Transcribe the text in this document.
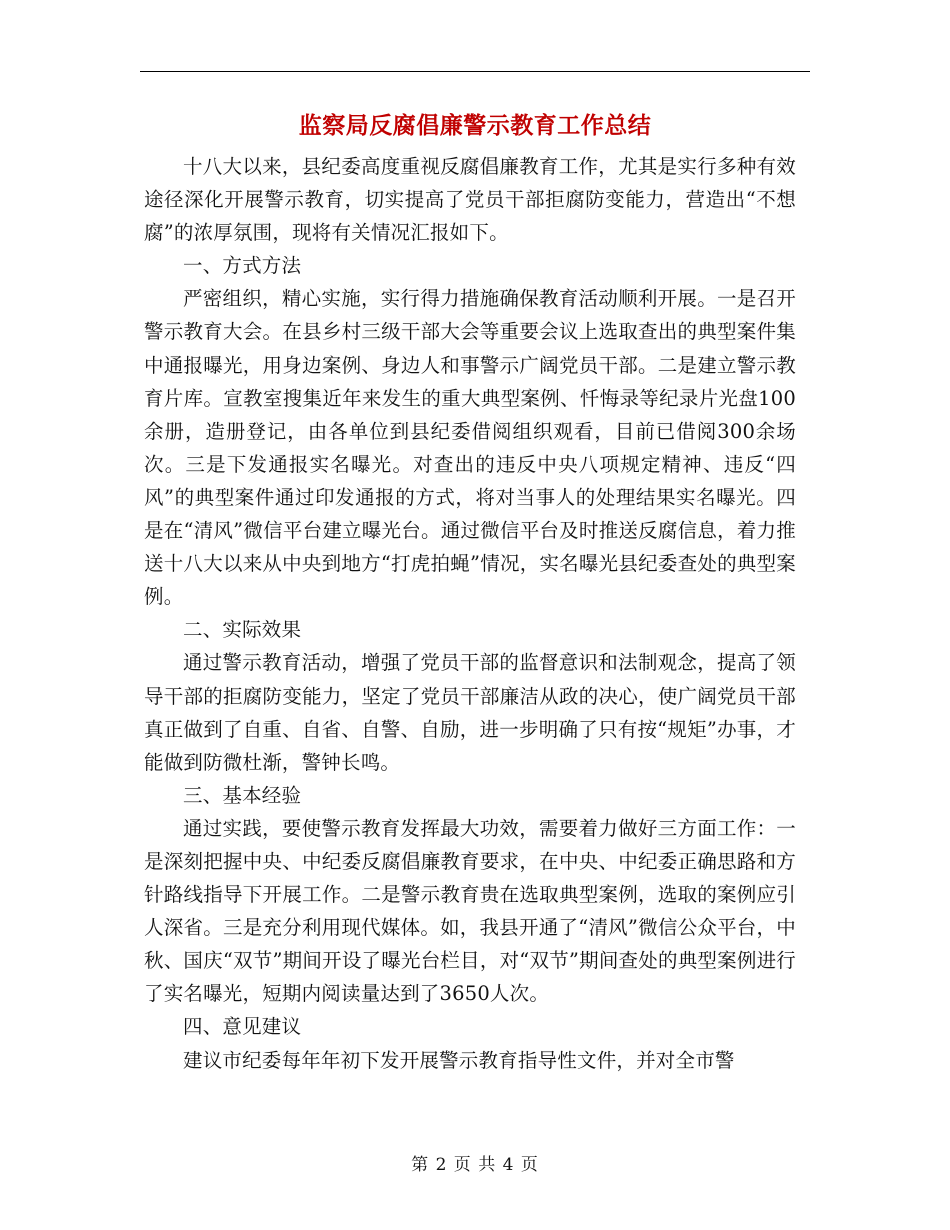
监察局反腐倡廉警示教育工作总结

十八大以来，县纪委高度重视反腐倡廉教育工作，尤其是实行多种有效途径深化开展警示教育，切实提高了党员干部拒腐防变能力，营造出“不想腐”的浓厚氛围，现将有关情况汇报如下。

一、方式方法

严密组织，精心实施，实行得力措施确保教育活动顺利开展。一是召开警示教育大会。在县乡村三级干部大会等重要会议上选取查出的典型案件集中通报曝光，用身边案例、身边人和事警示广阔党员干部。二是建立警示教育片库。宣教室搜集近年来发生的重大典型案例、忏悔录等纪录片光盘100余册，造册登记，由各单位到县纪委借阅组织观看，目前已借阅300余场次。三是下发通报实名曝光。对查出的违反中央八项规定精神、违反“四风”的典型案件通过印发通报的方式，将对当事人的处理结果实名曝光。四是在“清风”微信平台建立曝光台。通过微信平台及时推送反腐信息，着力推送十八大以来从中央到地方“打虎拍蝇”情况，实名曝光县纪委查处的典型案例。

二、实际效果

通过警示教育活动，增强了党员干部的监督意识和法制观念，提高了领导干部的拒腐防变能力，坚定了党员干部廉洁从政的决心，使广阔党员干部真正做到了自重、自省、自警、自励，进一步明确了只有按“规矩”办事，才能做到防微杜渐，警钟长鸣。

三、基本经验

通过实践，要使警示教育发挥最大功效，需要着力做好三方面工作：一是深刻把握中央、中纪委反腐倡廉教育要求，在中央、中纪委正确思路和方针路线指导下开展工作。二是警示教育贵在选取典型案例，选取的案例应引人深省。三是充分利用现代媒体。如，我县开通了“清风”微信公众平台，中秋、国庆“双节”期间开设了曝光台栏目，对“双节”期间查处的典型案例进行了实名曝光，短期内阅读量达到了3650人次。

四、意见建议

建议市纪委每年年初下发开展警示教育指导性文件，并对全市警

第 2 页 共 4 页
